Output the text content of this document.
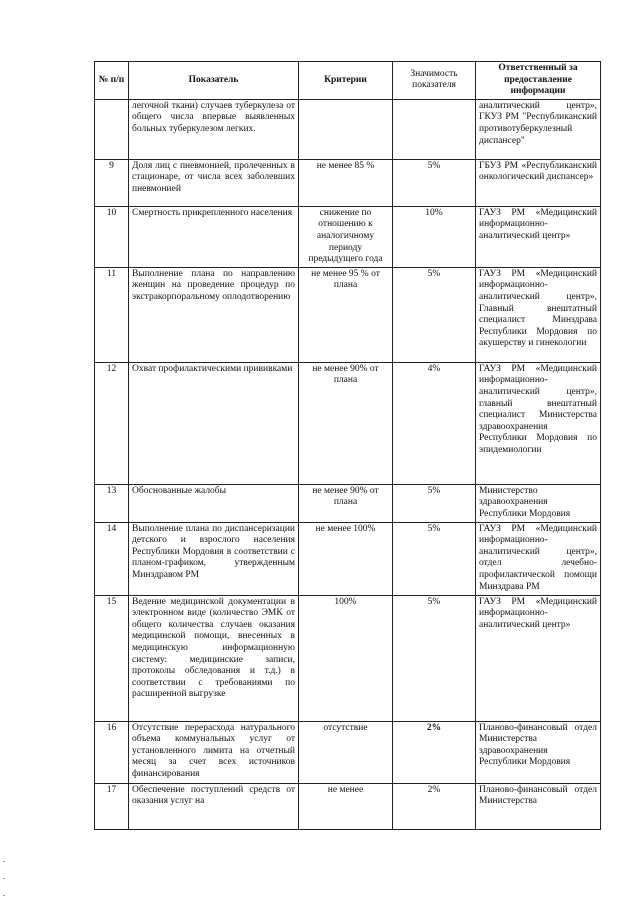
№ п/п	Показатель	Критерии	Значимость показателя	Ответственный за предоставление информации
	легочной ткани) случаев туберкулеза от общего числа впервые выявленных больных туберкулезом легких.			аналитический центр», ГКУЗ РМ "Республиканский противотуберкулезный диспансер"
9	Доля лиц с пневмонией, пролеченных в стационаре, от числа всех заболевших пневмонией	не менее 85 %	5%	ГБУЗ РМ «Республиканский онкологический диспансер»
10	Смертность прикрепленного населения	снижение по отношению к аналогичному периоду предыдущего года	10%	ГАУЗ РМ «Медицинский информационно-аналитический центр»
11	Выполнение плана по направлению женщин на проведение процедур по экстракорпоральному оплодотворению	не менее 95 % от плана	5%	ГАУЗ РМ «Медицинский информационно-аналитический центр», Главный внештатный специалист Минздрава Республики Мордовия по акушерству и гинекологии
12	Охват профилактическими прививками	не менее 90% от плана	4%	ГАУЗ РМ «Медицинский информационно-аналитический центр», главный внештатный специалист Министерства здравоохранения Республики Мордовия по эпидемиологии
13	Обоснованные жалобы	не менее 90% от плана	5%	Министерство здравоохранения Республики Мордовия
14	Выполнение плана по диспансеризации детского и взрослого населения Республики Мордовия в соответствии с планом-графиком, утвержденным Минздравом РМ	не менее 100%	5%	ГАУЗ РМ «Медицинский информационно-аналитический центр», отдел лечебно-профилактической помощи Минздрава РМ
15	Ведение медицинской документации в электронном виде (количество ЭМК от общего количества случаев оказания медицинской помощи, внесенных в медицинскую информационную систему: медицинские записи, протоколы обследования и т.д.) в соответствии с требованиями по расширенной выгрузке	100%	5%	ГАУЗ РМ «Медицинский информационно-аналитический центр»
16	Отсутствие перерасхода натурального объема коммунальных услуг от установленного лимита на отчетный месяц за счет всех источников финансирования	отсутствие	2%	Планово-финансовый отдел Министерства здравоохранения Республики Мордовия
17	Обеспечение поступлений средств от оказания услуг на	не менее	2%	Планово-финансовый отдел Министерства
